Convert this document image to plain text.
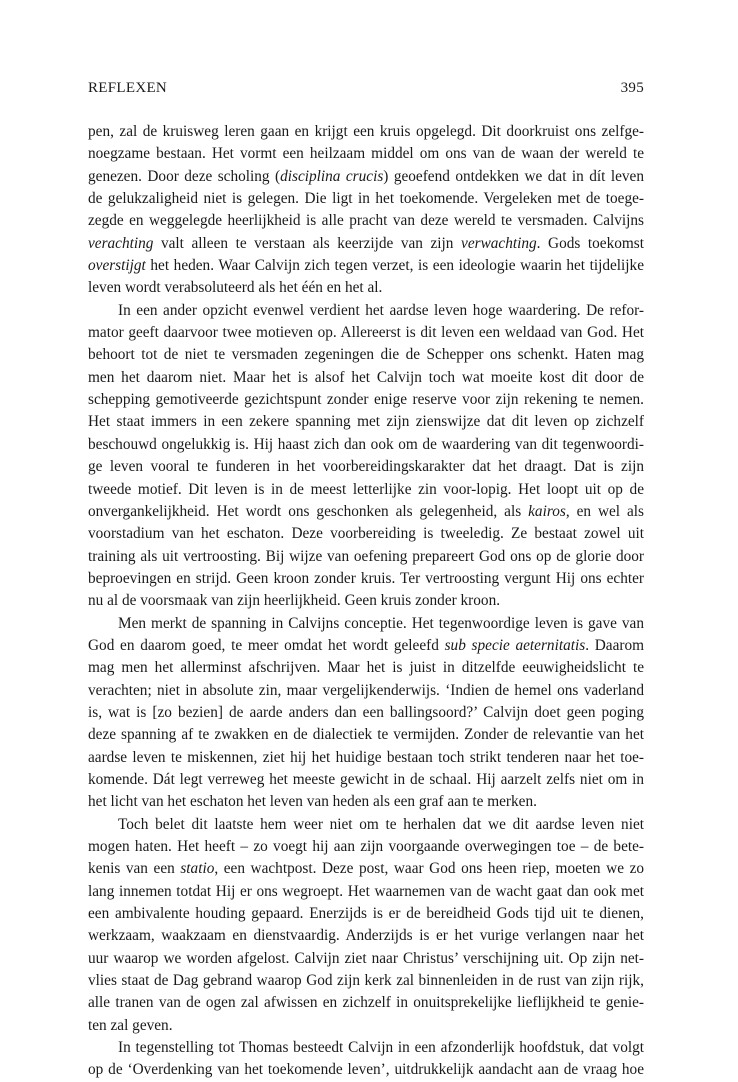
REFLEXEN	395
pen, zal de kruisweg leren gaan en krijgt een kruis opgelegd. Dit doorkruist ons zelfge-
noegzame bestaan. Het vormt een heilzaam middel om ons van de waan der wereld te
genezen. Door deze scholing (disciplina crucis) geoefend ontdekken we dat in dít leven
de gelukzaligheid niet is gelegen. Die ligt in het toekomende. Vergeleken met de toege-
zegde en weggelegde heerlijkheid is alle pracht van deze wereld te versmaden. Calvijns
verachting valt alleen te verstaan als keerzijde van zijn verwachting. Gods toekomst
overstijgt het heden. Waar Calvijn zich tegen verzet, is een ideologie waarin het tijdelijke
leven wordt verabsoluteerd als het één en het al.
In een ander opzicht evenwel verdient het aardse leven hoge waardering. De refor-
mator geeft daarvoor twee motieven op. Allereerst is dit leven een weldaad van God. Het
behoort tot de niet te versmaden zegeningen die de Schepper ons schenkt. Haten mag
men het daarom niet. Maar het is alsof het Calvijn toch wat moeite kost dit door de
schepping gemotiveerde gezichtspunt zonder enige reserve voor zijn rekening te nemen.
Het staat immers in een zekere spanning met zijn zienswijze dat dit leven op zichzelf
beschouwd ongelukkig is. Hij haast zich dan ook om de waardering van dit tegenwoordi-
ge leven vooral te funderen in het voorbereidingskarakter dat het draagt. Dat is zijn
tweede motief. Dit leven is in de meest letterlijke zin voor-lopig. Het loopt uit op de
onvergankelijkheid. Het wordt ons geschonken als gelegenheid, als kairos, en wel als
voorstadium van het eschaton. Deze voorbereiding is tweeledig. Ze bestaat zowel uit
training als uit vertroosting. Bij wijze van oefening prepareert God ons op de glorie door
beproevingen en strijd. Geen kroon zonder kruis. Ter vertroosting vergunt Hij ons echter
nu al de voorsmaak van zijn heerlijkheid. Geen kruis zonder kroon.
Men merkt de spanning in Calvijns conceptie. Het tegenwoordige leven is gave van
God en daarom goed, te meer omdat het wordt geleefd sub specie aeternitatis. Daarom
mag men het allerminst afschrijven. Maar het is juist in ditzelfde eeuwigheidslicht te
verachten; niet in absolute zin, maar vergelijkenderwijs. ‘Indien de hemel ons vaderland
is, wat is [zo bezien] de aarde anders dan een ballingsoord?’ Calvijn doet geen poging
deze spanning af te zwakken en de dialectiek te vermijden. Zonder de relevantie van het
aardse leven te miskennen, ziet hij het huidige bestaan toch strikt tenderen naar het toe-
komende. Dát legt verreweg het meeste gewicht in de schaal. Hij aarzelt zelfs niet om in
het licht van het eschaton het leven van heden als een graf aan te merken.
Toch belet dit laatste hem weer niet om te herhalen dat we dit aardse leven niet
mogen haten. Het heeft – zo voegt hij aan zijn voorgaande overwegingen toe – de bete-
kenis van een statio, een wachtpost. Deze post, waar God ons heen riep, moeten we zo
lang innemen totdat Hij er ons wegroept. Het waarnemen van de wacht gaat dan ook met
een ambivalente houding gepaard. Enerzijds is er de bereidheid Gods tijd uit te dienen,
werkzaam, waakzaam en dienstvaardig. Anderzijds is er het vurige verlangen naar het
uur waarop we worden afgelost. Calvijn ziet naar Christus’ verschijning uit. Op zijn net-
vlies staat de Dag gebrand waarop God zijn kerk zal binnenleiden in de rust van zijn rijk,
alle tranen van de ogen zal afwissen en zichzelf in onuitsprekelijke lieflijkheid te genie-
ten zal geven.
In tegenstelling tot Thomas besteedt Calvijn in een afzonderlijk hoofdstuk, dat volgt
op de ‘Overdenking van het toekomende leven’, uitdrukkelijk aandacht aan de vraag hoe
